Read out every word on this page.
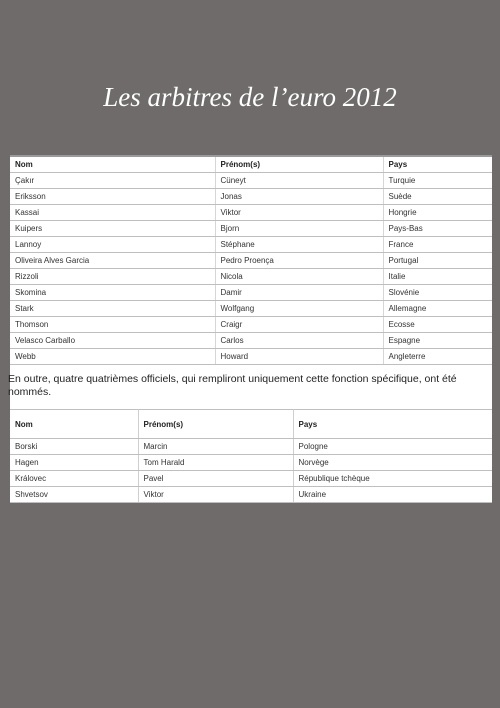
Les arbitres de l’euro 2012
Nom	Prénom(s)	Pays
Çakır	Cüneyt	Turquie
Eriksson	Jonas	Suède
Kassai	Viktor	Hongrie
Kuipers	Bjorn	Pays-Bas
Lannoy	Stéphane	France
Oliveira Alves Garcia	Pedro Proença	Portugal
Rizzoli	Nicola	Italie
Skomina	Damir	Slovénie
Stark	Wolfgang	Allemagne
Thomson	Craigr	Ecosse
Velasco Carballo	Carlos	Espagne
Webb	Howard	Angleterre
En outre, quatre quatrièmes officiels, qui rempliront uniquement cette fonction spécifique, ont été nommés.
Nom	Prénom(s)	Pays
Borski	Marcin	Pologne
Hagen	Tom Harald	Norvège
Královec	Pavel	République tchèque
Shvetsov	Viktor	Ukraine
